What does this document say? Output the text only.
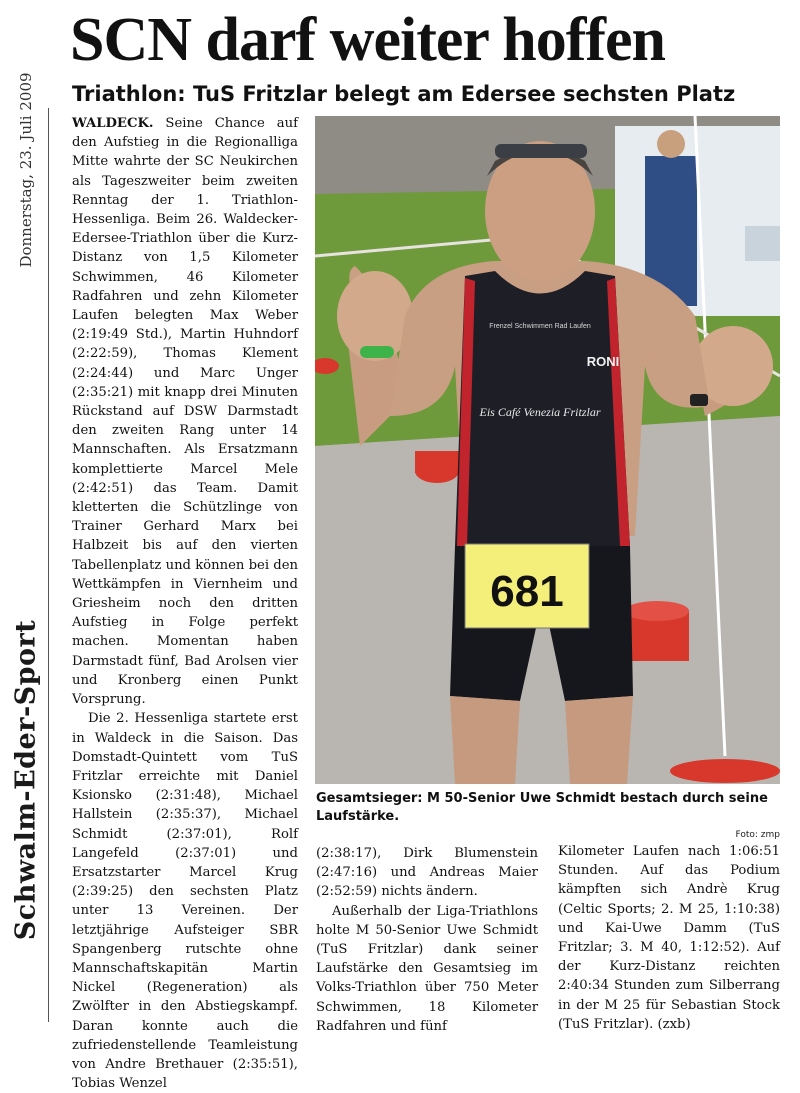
Donnerstag, 23. Juli 2009
Schwalm-Eder-Sport
SCN darf weiter hoffen
Triathlon: TuS Fritzlar belegt am Edersee sechsten Platz

WALDECK. Seine Chance auf den Aufstieg in die Regionalliga Mitte wahrte der SC Neukirchen als Tageszweiter beim zweiten Renntag der 1. Triathlon-Hessenliga. Beim 26. Waldecker-Edersee-Triathlon über die Kurz-Distanz von 1,5 Kilometer Schwimmen, 46 Kilometer Radfahren und zehn Kilometer Laufen belegten Max Weber (2:19:49 Std.), Martin Huhndorf (2:22:59), Thomas Klement (2:24:44) und Marc Unger (2:35:21) mit knapp drei Minuten Rückstand auf DSW Darmstadt den zweiten Rang unter 14 Mannschaften. Als Ersatzmann komplettierte Marcel Mele (2:42:51) das Team. Damit kletterten die Schützlinge von Trainer Gerhard Marx bei Halbzeit bis auf den vierten Tabellenplatz und können bei den Wettkämpfen in Viernheim und Griesheim noch den dritten Aufstieg in Folge perfekt machen. Momentan haben Darmstadt fünf, Bad Arolsen vier und Kronberg einen Punkt Vorsprung.

Die 2. Hessenliga startete erst in Waldeck in die Saison. Das Domstadt-Quintett vom TuS Fritzlar erreichte mit Daniel Ksionsko (2:31:48), Michael Hallstein (2:35:37), Michael Schmidt (2:37:01), Rolf Langefeld (2:37:01) und Ersatzstarter Marcel Krug (2:39:25) den sechsten Platz unter 13 Vereinen. Der letztjährige Aufsteiger SBR Spangenberg rutschte ohne Mannschaftskapitän Martin Nickel (Regeneration) als Zwölfter in den Abstiegskampf. Daran konnte auch die zufriedenstellende Teamleistung von Andre Brethauer (2:35:51), Tobias Wenzel

681
Eis Café Venezia Fritzlar
RONI
Frenzel Schwimmen Rad Laufen

Gesamtsieger: M 50-Senior Uwe Schmidt bestach durch seine Laufstärke.

Foto: zmp

(2:38:17), Dirk Blumenstein (2:47:16) und Andreas Maier (2:52:59) nichts ändern.

Außerhalb der Liga-Triathlons holte M 50-Senior Uwe Schmidt (TuS Fritzlar) dank seiner Laufstärke den Gesamtsieg im Volks-Triathlon über 750 Meter Schwimmen, 18 Kilometer Radfahren und fünf

Kilometer Laufen nach 1:06:51 Stunden. Auf das Podium kämpften sich Andrè Krug (Celtic Sports; 2. M 25, 1:10:38) und Kai-Uwe Damm (TuS Fritzlar; 3. M 40, 1:12:52). Auf der Kurz-Distanz reichten 2:40:34 Stunden zum Silberrang in der M 25 für Sebastian Stock (TuS Fritzlar). (zxb)
